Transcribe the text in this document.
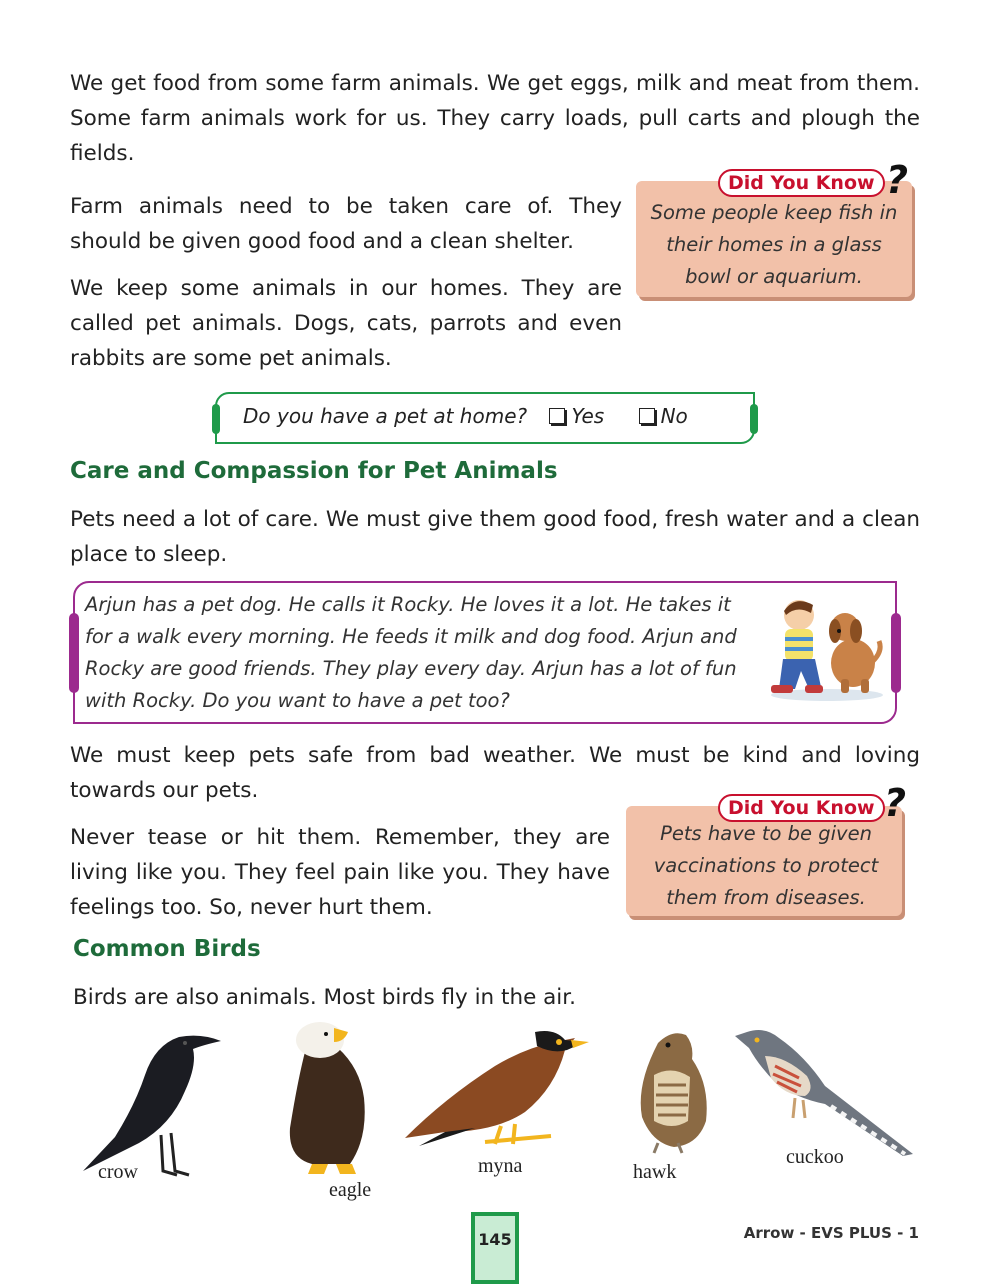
We get food from some farm animals. We get eggs, milk and meat from them. Some farm animals work for us. They carry loads, pull carts and plough the fields.
Farm animals need to be taken care of. They should be given good food and a clean shelter.
We keep some animals in our homes. They are called pet animals. Dogs, cats, parrots and even rabbits are some pet animals.
Did You Know ?
Some people keep fish in their homes in a glass bowl or aquarium.
Do you have a pet at home? Yes	No
Care and Compassion for Pet Animals
Pets need a lot of care. We must give them good food, fresh water and a clean place to sleep.
Arjun has a pet dog. He calls it Rocky. He loves it a lot. He takes it for a walk every morning. He feeds it milk and dog food. Arjun and Rocky are good friends. They play every day. Arjun has a lot of fun with Rocky. Do you want to have a pet too?
We must keep pets safe from bad weather. We must be kind and loving towards our pets.
Never tease or hit them. Remember, they are living like you. They feel pain like you. They have feelings too. So, never hurt them.
Did You Know ?
Pets have to be given vaccinations to protect them from diseases.
Common Birds
Birds are also animals. Most birds fly in the air.
crow
eagle
myna	hawk
cuckoo
145	Arrow - EVS PLUS - 1
